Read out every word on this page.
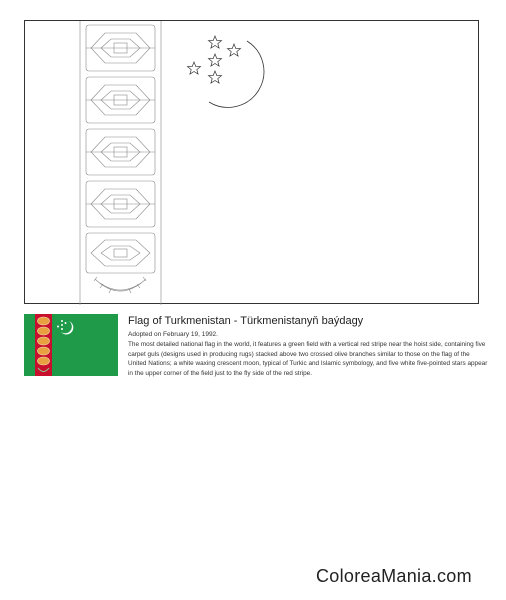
Flag of Turkmenistan - Türkmenistanyň baýdagy
Adopted on February 19, 1992.
The most detailed national flag in the world, it features a green field with a vertical red stripe near the hoist side, containing five carpet guls (designs used in producing rugs) stacked above two crossed olive branches similar to those on the flag of the United Nations; a white waxing crescent moon, typical of Turkic and Islamic symbology, and five white five-pointed stars appear in the upper corner of the field just to the fly side of the red stripe.
ColoreaMania.com
